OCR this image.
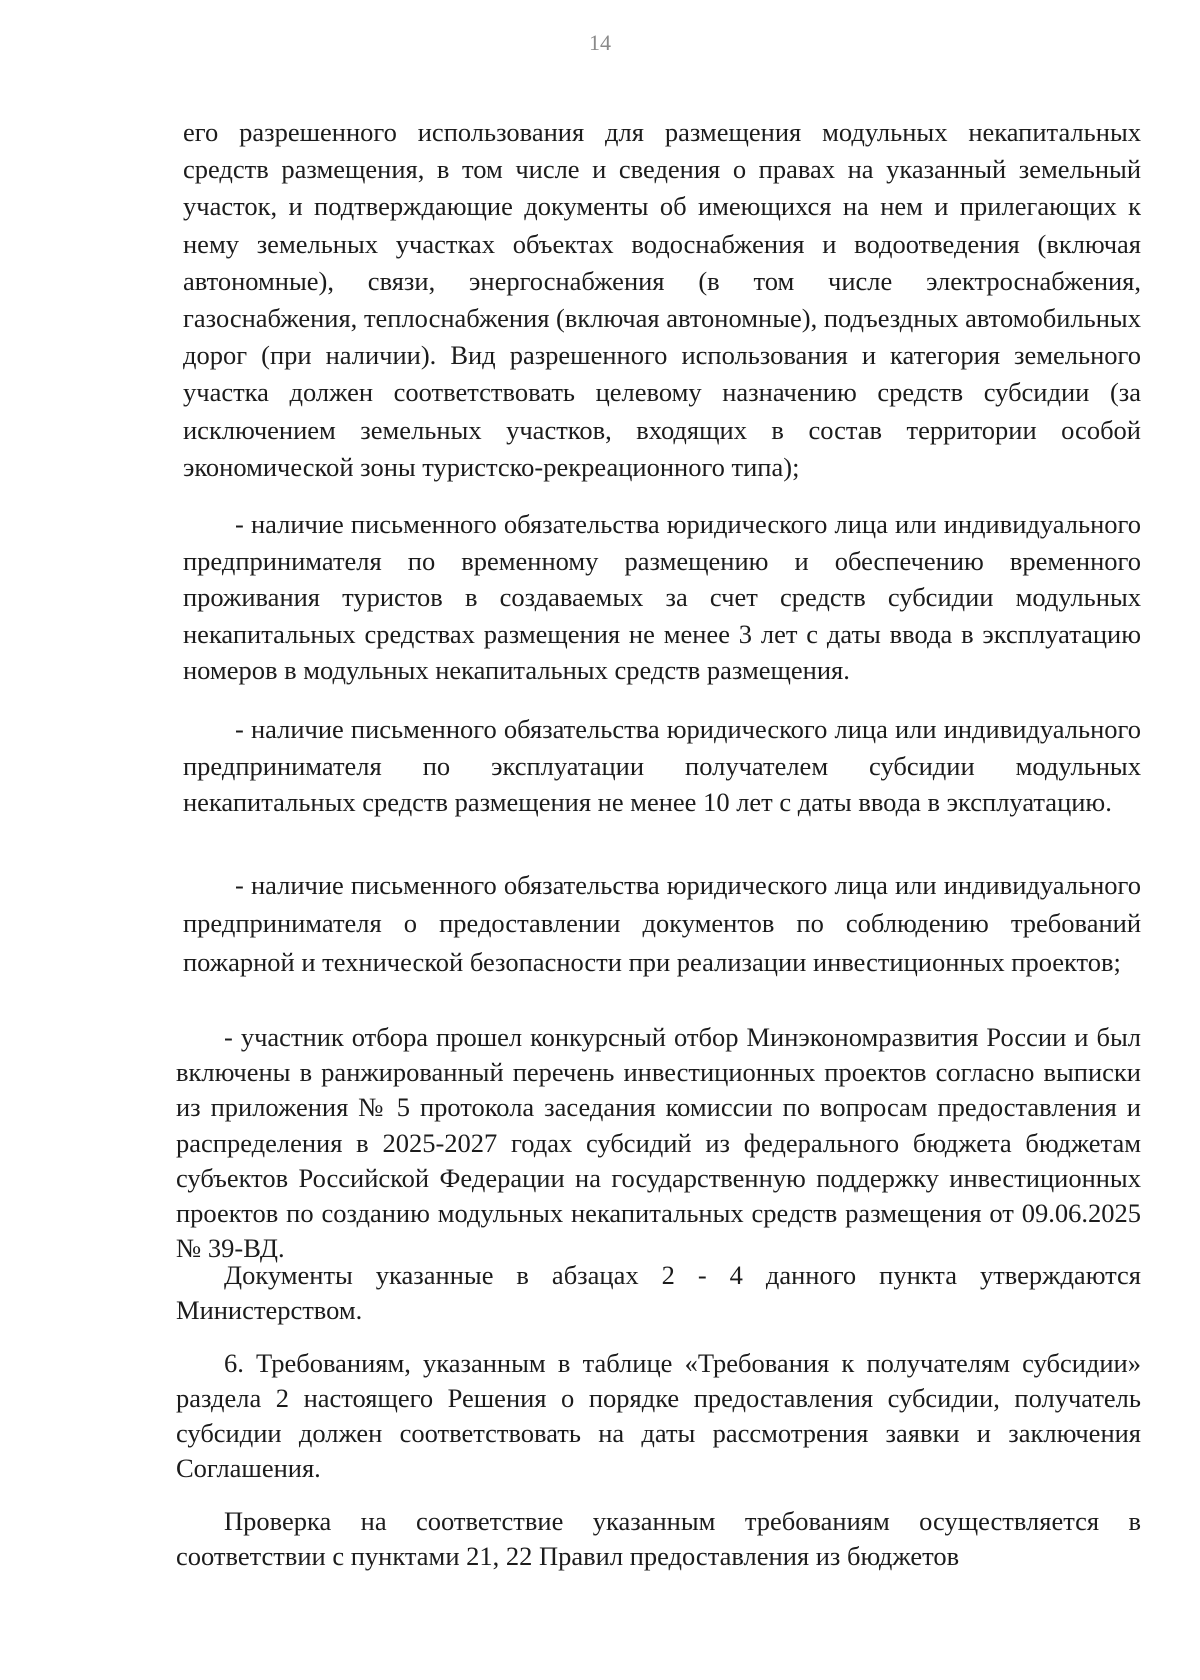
14

его разрешенного использования для размещения модульных некапитальных средств размещения, в том числе и сведения о правах на указанный земельный участок, и подтверждающие документы об имеющихся на нем и прилегающих к нему земельных участках объектах водоснабжения и водоотведения (включая автономные), связи, энергоснабжения (в том числе электроснабжения, газоснабжения, теплоснабжения (включая автономные), подъездных автомобильных дорог (при наличии). Вид разрешенного использования и категория земельного участка должен соответствовать целевому назначению средств субсидии (за исключением земельных участков, входящих в состав территории особой экономической зоны туристско-рекреационного типа);

- наличие письменного обязательства юридического лица или индивидуального предпринимателя по временному размещению и обеспечению временного проживания туристов в создаваемых за счет средств субсидии модульных некапитальных средствах размещения не менее 3 лет с даты ввода в эксплуатацию номеров в модульных некапитальных средств размещения.

- наличие письменного обязательства юридического лица или индивидуального предпринимателя по эксплуатации получателем субсидии модульных некапитальных средств размещения не менее 10 лет с даты ввода в эксплуатацию.

- наличие письменного обязательства юридического лица или индивидуального предпринимателя о предоставлении документов по соблюдению требований пожарной и технической безопасности при реализации инвестиционных проектов;

- участник отбора прошел конкурсный отбор Минэкономразвития России и был включены в ранжированный перечень инвестиционных проектов согласно выписки из приложения № 5 протокола заседания комиссии по вопросам предоставления и распределения в 2025-2027 годах субсидий из федерального бюджета бюджетам субъектов Российской Федерации на государственную поддержку инвестиционных проектов по созданию модульных некапитальных средств размещения от 09.06.2025 № 39-ВД.

Документы указанные в абзацах 2 - 4 данного пункта утверждаются Министерством.

6. Требованиям, указанным в таблице «Требования к получателям субсидии» раздела 2 настоящего Решения о порядке предоставления субсидии, получатель субсидии должен соответствовать на даты рассмотрения заявки и заключения Соглашения.

Проверка на соответствие указанным требованиям осуществляется в соответствии с пунктами 21, 22 Правил предоставления из бюджетов
